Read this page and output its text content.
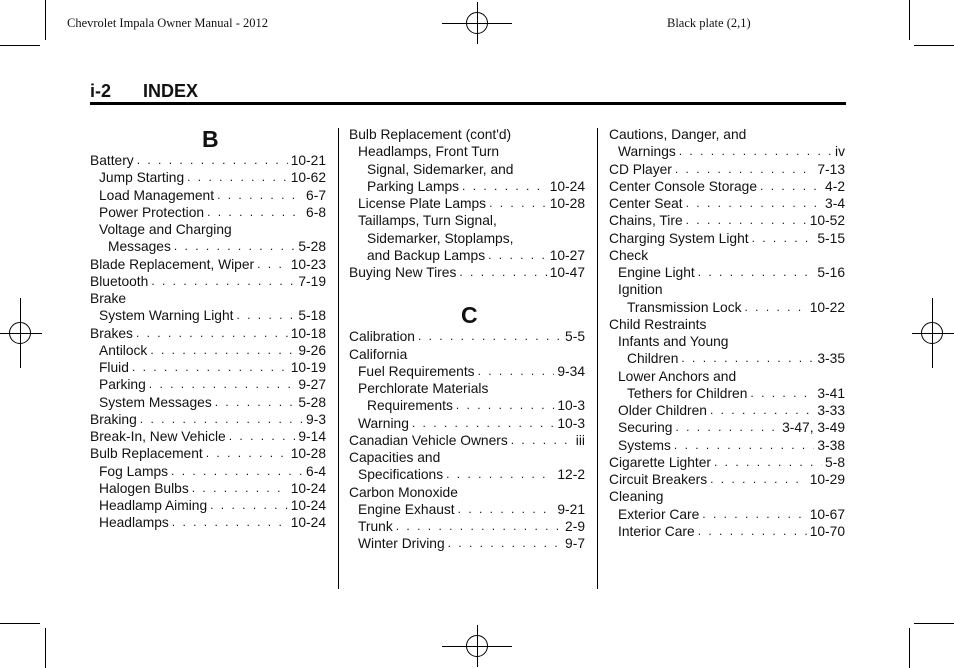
Chevrolet Impala Owner Manual - 2012	Black plate (2,1)
i-2 INDEX
B
Battery . . .	10-21
Jump Starting . . .	10-62
Load Management . . .	6-7
Power Protection . . .	6-8
Voltage and Charging
Messages . . .	5-28
Blade Replacement, Wiper . . .	10-23
Bluetooth . . .	7-19
Brake
System Warning Light . . .	5-18
Brakes . . .	10-18
Antilock . . .	9-26
Fluid . . .	10-19
Parking . . .	9-27
System Messages . . .	5-28
Braking . . .	9-3
Break-In, New Vehicle . . .	9-14
Bulb Replacement . . .	10-28
Fog Lamps . . .	6-4
Halogen Bulbs . . .	10-24
Headlamp Aiming . . .	10-24
Headlamps . . .	10-24
Bulb Replacement (cont'd)
Headlamps, Front Turn
Signal, Sidemarker, and
Parking Lamps . . .	10-24
License Plate Lamps . . .	10-28
Taillamps, Turn Signal,
Sidemarker, Stoplamps,
and Backup Lamps . . .	10-27
Buying New Tires . . .	10-47
C
Calibration . . .	5-5
California
Fuel Requirements . . .	9-34
Perchlorate Materials
Requirements . . .	10-3
Warning . . .	10-3
Canadian Vehicle Owners . . .	iii
Capacities and
Specifications . . .	12-2
Carbon Monoxide
Engine Exhaust . . .	9-21
Trunk . . .	2-9
Winter Driving . . .	9-7
Cautions, Danger, and
Warnings . . .	iv
CD Player . . .	7-13
Center Console Storage . . .	4-2
Center Seat . . .	3-4
Chains, Tire . . .	10-52
Charging System Light . . .	5-15
Check
Engine Light . . .	5-16
Ignition
Transmission Lock . . .	10-22
Child Restraints
Infants and Young
Children . . .	3-35
Lower Anchors and
Tethers for Children . . .	3-41
Older Children . . .	3-33
Securing . . .	3-47, 3-49
Systems . . .	3-38
Cigarette Lighter . . .	5-8
Circuit Breakers . . .	10-29
Cleaning
Exterior Care . . .	10-67
Interior Care . . .	10-70
